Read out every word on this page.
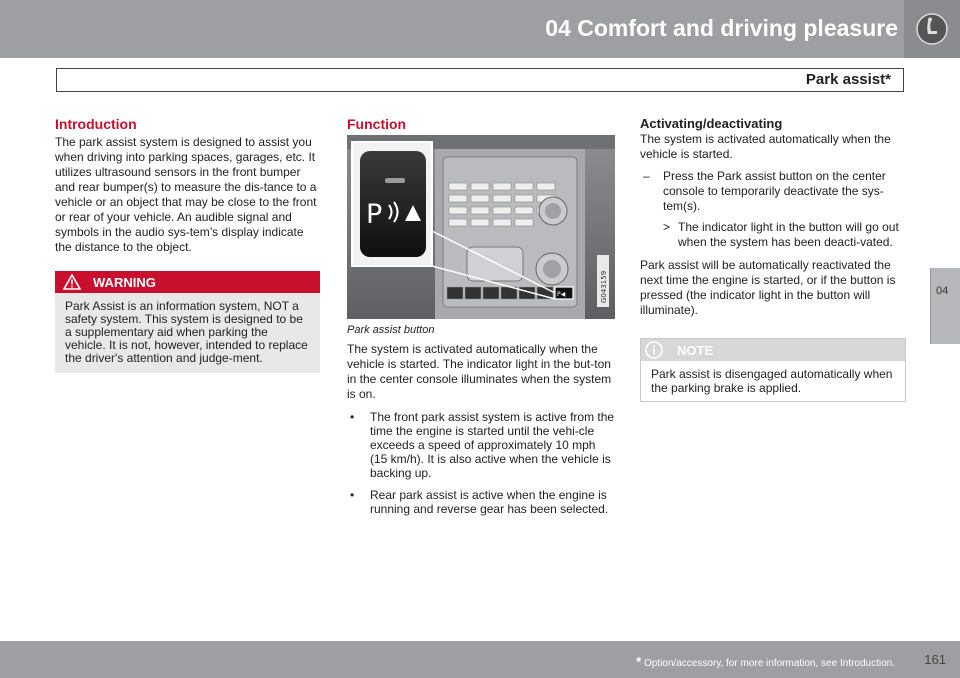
04 Comfort and driving pleasure
Park assist*
04
Introduction

The park assist system is designed to assist you when driving into parking spaces, garages, etc. It utilizes ultrasound sensors in the front bumper and rear bumper(s) to measure the dis-tance to a vehicle or an object that may be close to the front or rear of your vehicle. An audible signal and symbols in the audio sys-tem’s display indicate the distance to the object.

WARNING
Park Assist is an information system, NOT a safety system. This system is designed to be a supplementary aid when parking the vehicle. It is not, however, intended to replace the driver's attention and judge-ment.
Function
P◀	G043159
P
Park assist button

The system is activated automatically when the vehicle is started. The indicator light in the but-ton in the center console illuminates when the system is on.

• The front park assist system is active from the time the engine is started until the vehi-cle exceeds a speed of approximately 10 mph (15 km/h). It is also active when the vehicle is backing up.
• Rear park assist is active when the engine is running and reverse gear has been selected.
Activating/deactivating

The system is activated automatically when the vehicle is started.

– Press the Park assist button on the center console to temporarily deactivate the sys-tem(s).
> The indicator light in the button will go out when the system has been deacti-vated.

Park assist will be automatically reactivated the next time the engine is started, or if the button is pressed (the indicator light in the button will illuminate).

NOTE
Park assist is disengaged automatically when the parking brake is applied.
* Option/accessory, for more information, see Introduction. 161
